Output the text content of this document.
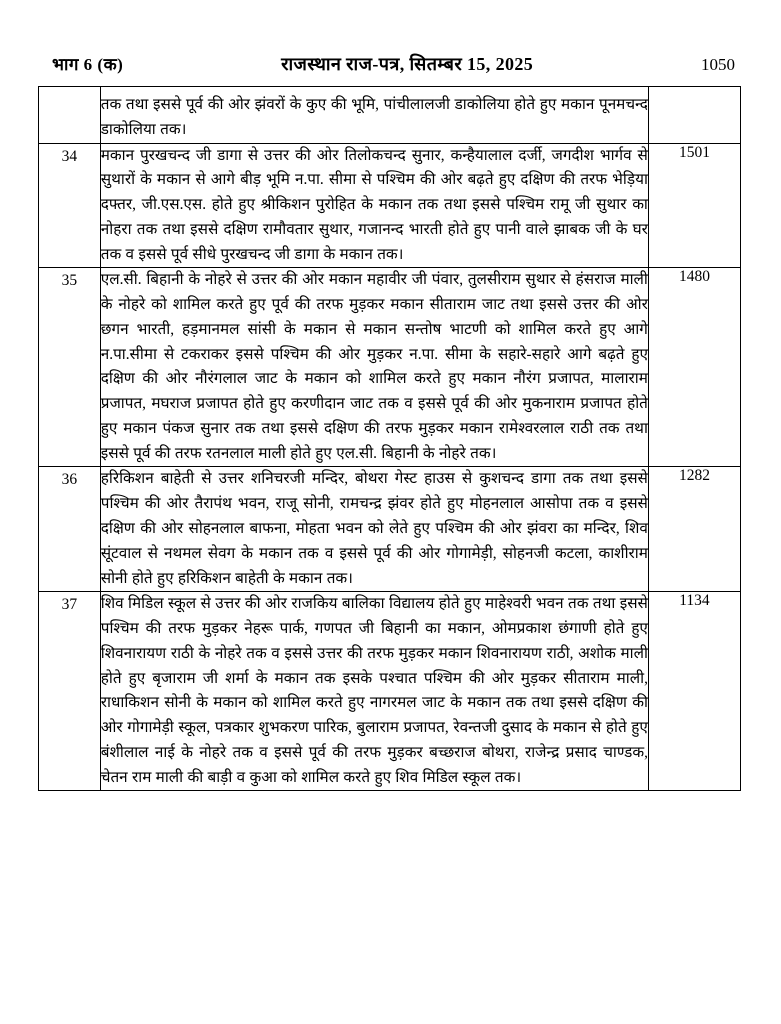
भाग 6 (क)	राजस्थान राज-पत्र, सितम्बर 15, 2025	1050

	तक तथा इससे पूर्व की ओर झंवरों के कुए की भूमि, पांचीलालजी डाकोलिया होते हुए मकान पूनमचन्द डाकोलिया तक।	

34	मकान पुरखचन्द जी डागा से उत्तर की ओर तिलोकचन्द सुनार, कन्हैयालाल दर्जी, जगदीश भार्गव से सुथारों के मकान से आगे बीड़ भूमि न.पा. सीमा से पश्चिम की ओर बढ़ते हुए दक्षिण की तरफ भेड़िया दफ्तर, जी.एस.एस. होते हुए श्रीकिशन पुरोहित के मकान तक तथा इससे पश्चिम रामू जी सुथार का नोहरा तक तथा इससे दक्षिण रामौवतार सुथार, गजानन्द भारती होते हुए पानी वाले झाबक जी के घर तक व इससे पूर्व सीधे पुरखचन्द जी डागा के मकान तक।	1501

35	एल.सी. बिहानी के नोहरे से उत्तर की ओर मकान महावीर जी पंवार, तुलसीराम सुथार से हंसराज माली के नोहरे को शामिल करते हुए पूर्व की तरफ मुड़कर मकान सीताराम जाट तथा इससे उत्तर की ओर छगन भारती, हड़मानमल सांसी के मकान से मकान सन्तोष भाटणी को शामिल करते हुए आगे न.पा.सीमा से टकराकर इससे पश्चिम की ओर मुड़कर न.पा. सीमा के सहारे-सहारे आगे बढ़ते हुए दक्षिण की ओर नौरंगलाल जाट के मकान को शामिल करते हुए मकान नौरंग प्रजापत, मालाराम प्रजापत, मघराज प्रजापत होते हुए करणीदान जाट तक व इससे पूर्व की ओर मुकनाराम प्रजापत होते हुए मकान पंकज सुनार तक तथा इससे दक्षिण की तरफ मुड़कर मकान रामेश्वरलाल राठी तक तथा इससे पूर्व की तरफ रतनलाल माली होते हुए एल.सी. बिहानी के नोहरे तक।	1480

36	हरिकिशन बाहेती से उत्तर शनिचरजी मन्दिर, बोथरा गेस्ट हाउस से कुशचन्द डागा तक तथा इससे पश्चिम की ओर तैरापंथ भवन, राजू सोनी, रामचन्द्र झंवर होते हुए मोहनलाल आसोपा तक व इससे दक्षिण की ओर सोहनलाल बाफना, मोहता भवन को लेते हुए पश्चिम की ओर झंवरा का मन्दिर, शिव सूंटवाल से नथमल सेवग के मकान तक व इससे पूर्व की ओर गोगामेड़ी, सोहनजी कटला, काशीराम सोनी होते हुए हरिकिशन बाहेती के मकान तक।	1282

37	शिव मिडिल स्कूल से उत्तर की ओर राजकिय बालिका विद्यालय होते हुए माहेश्वरी भवन तक तथा इससे पश्चिम की तरफ मुड़कर नेहरू पार्क, गणपत जी बिहानी का मकान, ओमप्रकाश छंगाणी होते हुए शिवनारायण राठी के नोहरे तक व इससे उत्तर की तरफ मुड़कर मकान शिवनारायण राठी, अशोक माली होते हुए बृजाराम जी शर्मा के मकान तक इसके पश्चात पश्चिम की ओर मुड़कर सीताराम माली, राधाकिशन सोनी के मकान को शामिल करते हुए नागरमल जाट के मकान तक तथा इससे दक्षिण की ओर गोगामेड़ी स्कूल, पत्रकार शुभकरण पारिक, बुलाराम प्रजापत, रेवन्तजी दुसाद के मकान से होते हुए बंशीलाल नाई के नोहरे तक व इससे पूर्व की तरफ मुड़कर बच्छराज बोथरा, राजेन्द्र प्रसाद चाण्डक, चेतन राम माली की बाड़ी व कुआ को शामिल करते हुए शिव मिडिल स्कूल तक।	1134
